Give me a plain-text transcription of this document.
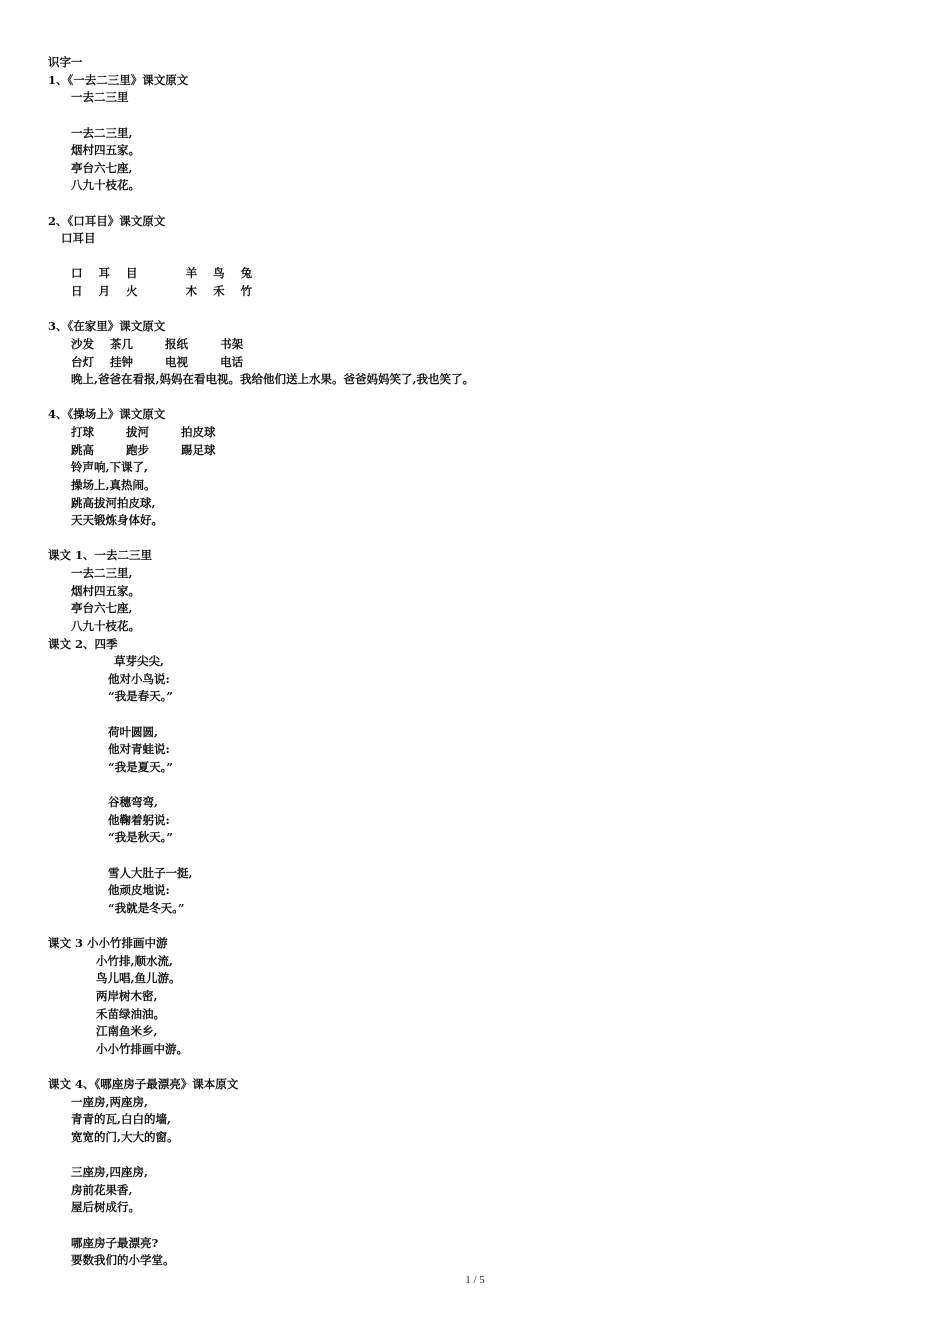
识字一
1、《一去二三里》课文原文
一去二三里
一去二三里,
烟村四五家。
亭台六七座,
八九十枝花。
2、《口耳目》课文原文
口耳目
口    耳    目            羊    鸟    兔
日    月    火            木    禾    竹
3、《在家里》课文原文
沙发    茶几        报纸        书架
台灯    挂钟        电视        电话
晚上,爸爸在看报,妈妈在看电视。我给他们送上水果。爸爸妈妈笑了,我也笑了。
4、《操场上》课文原文
打球        拔河        拍皮球
跳高        跑步        踢足球
铃声响,下课了,
操场上,真热闹。
跳高拔河拍皮球,
天天锻炼身体好。
课文 1、一去二三里
一去二三里,
烟村四五家。
亭台六七座,
八九十枝花。
课文 2、四季
草芽尖尖,
他对小鸟说:
“我是春天。”
荷叶圆圆,
他对青蛙说:
“我是夏天。”
谷穗弯弯,
他鞠着躬说:
“我是秋天。”
雪人大肚子一挺,
他顽皮地说:
“我就是冬天。”
课文 3 小小竹排画中游
小竹排,顺水流,
鸟儿唱,鱼儿游。
两岸树木密,
禾苗绿油油。
江南鱼米乡,
小小竹排画中游。
课文 4、《哪座房子最漂亮》课本原文
一座房,两座房,
青青的瓦,白白的墙,
宽宽的门,大大的窗。
三座房,四座房,
房前花果香,
屋后树成行。
哪座房子最漂亮?
要数我们的小学堂。
1 / 5
